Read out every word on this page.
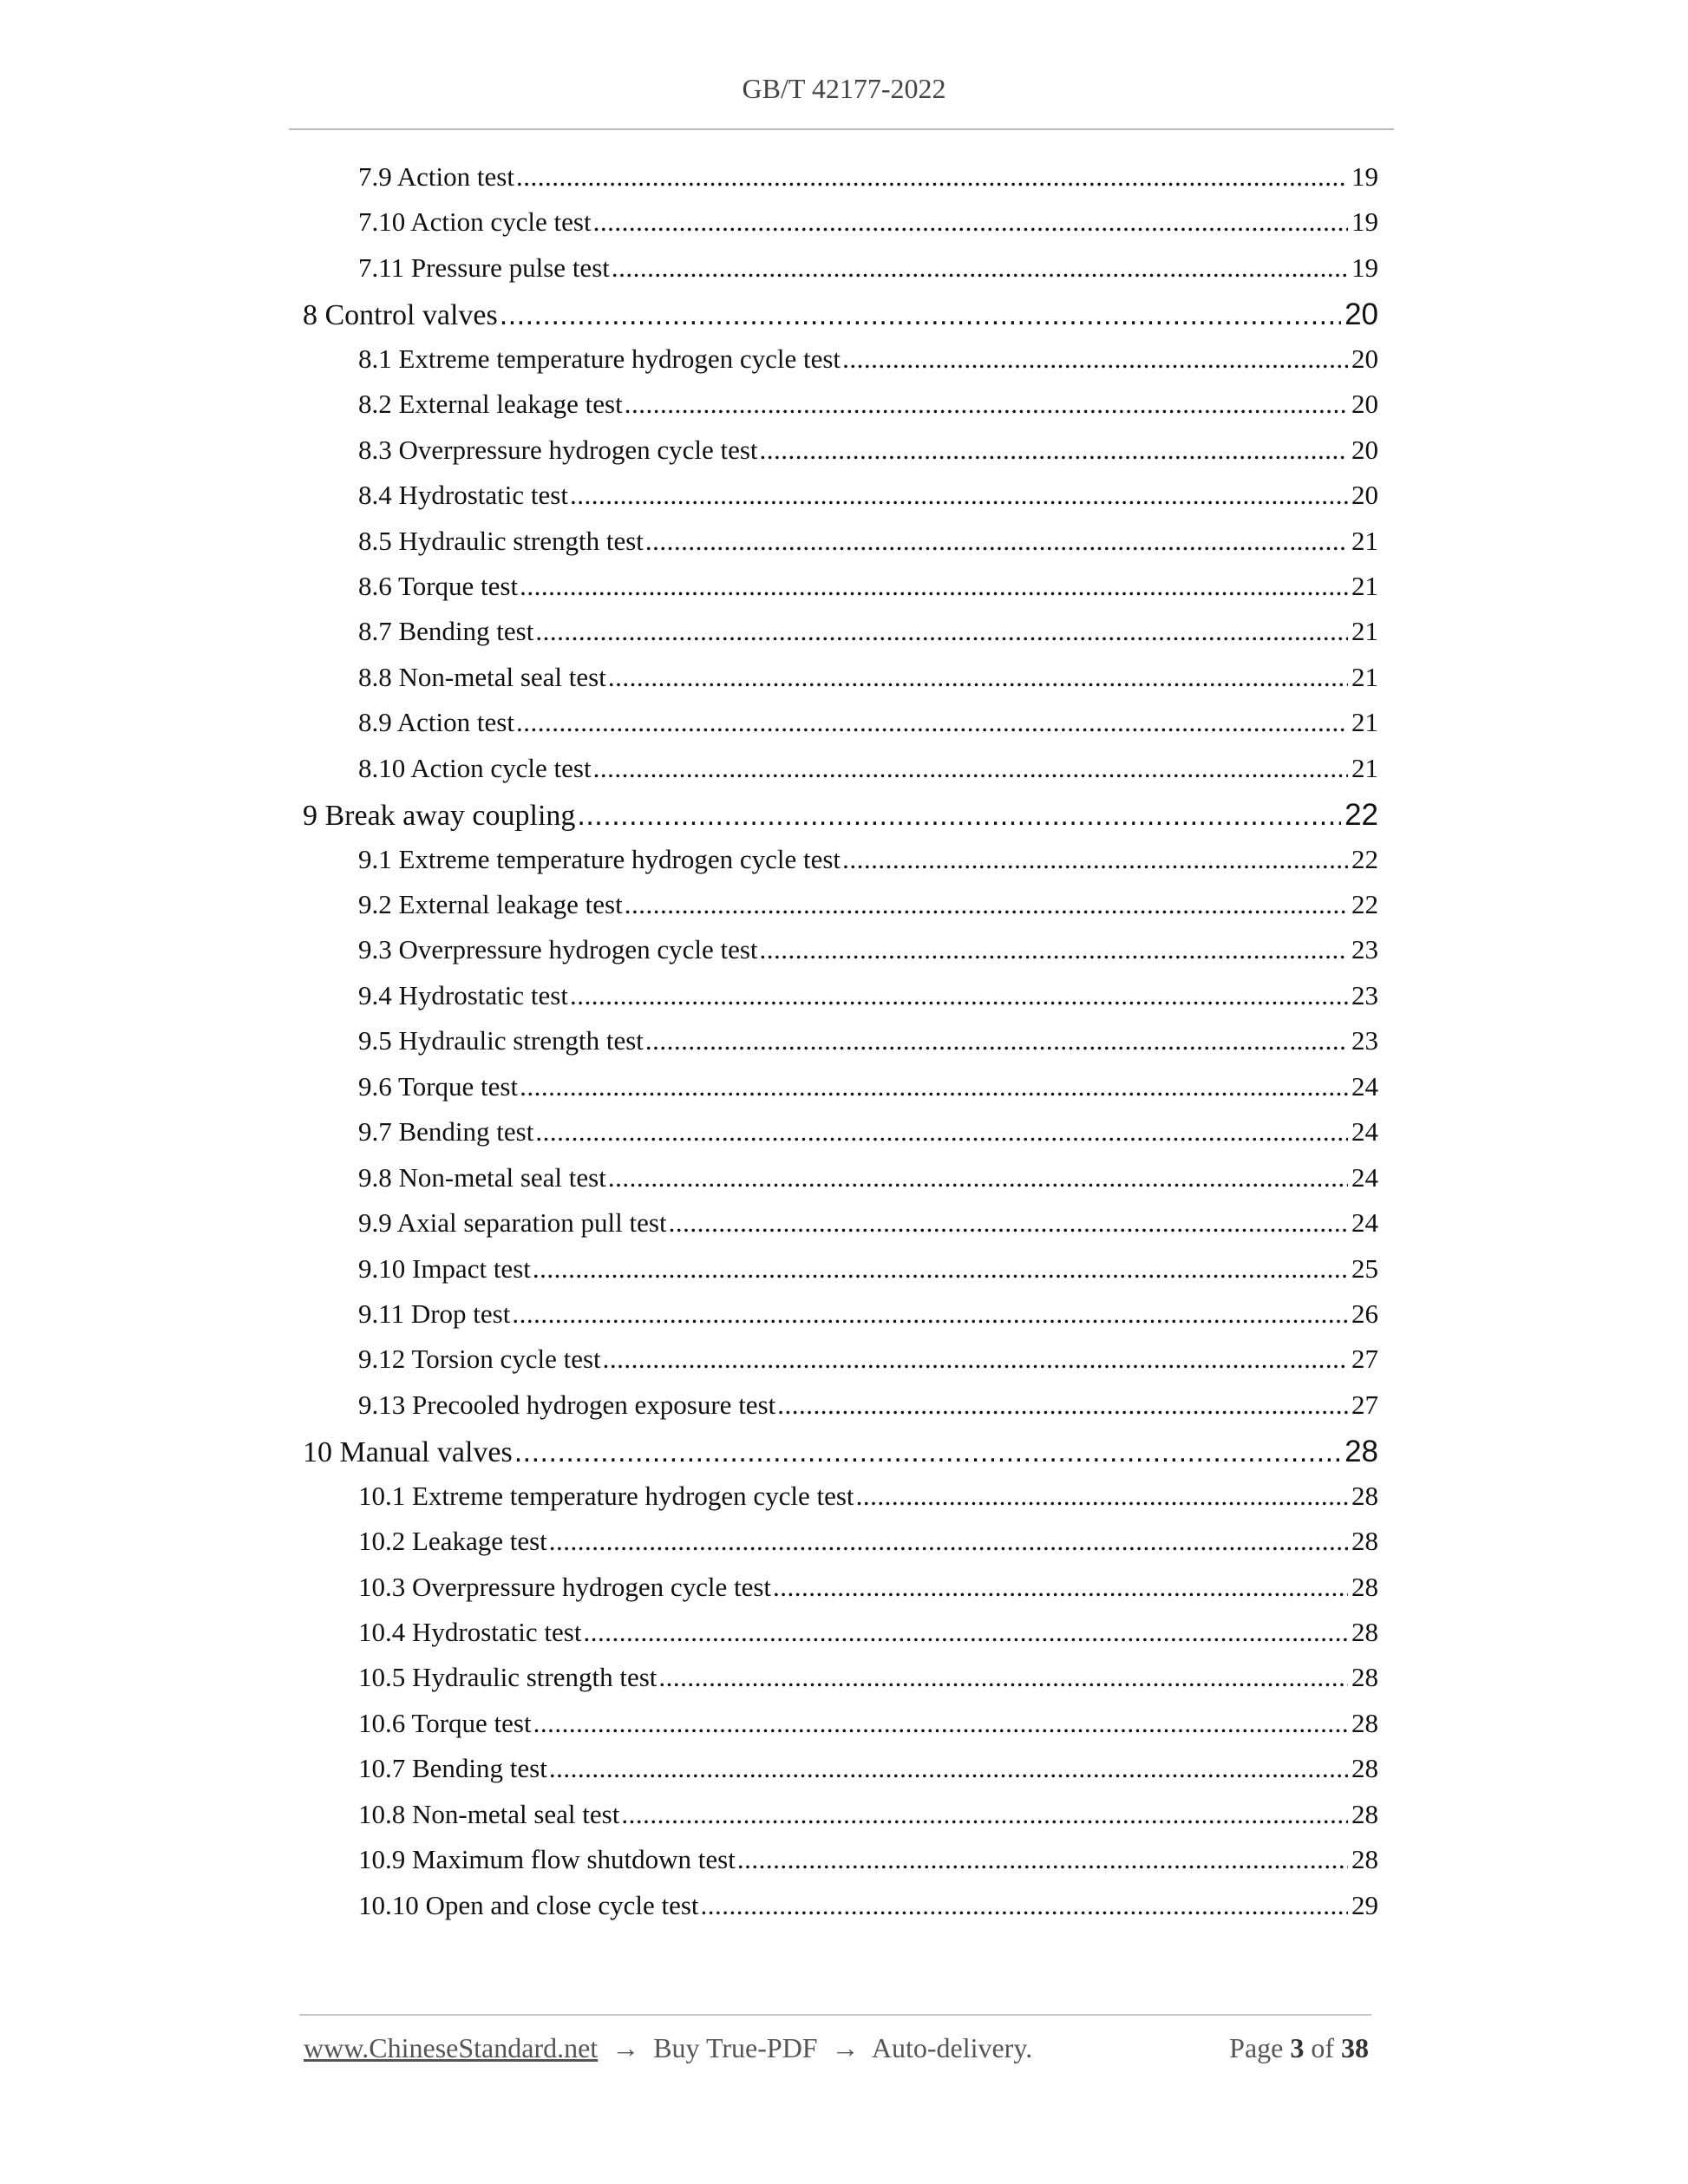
GB/T 42177-2022
7.9 Action test .....	19
7.10 Action cycle test .....	19
7.11 Pressure pulse test .....	19
8 Control valves .....	20
8.1 Extreme temperature hydrogen cycle test .....	20
8.2 External leakage test .....	20
8.3 Overpressure hydrogen cycle test .....	20
8.4 Hydrostatic test .....	20
8.5 Hydraulic strength test .....	21
8.6 Torque test .....	21
8.7 Bending test .....	21
8.8 Non-metal seal test .....	21
8.9 Action test .....	21
8.10 Action cycle test .....	21
9 Break away coupling .....	22
9.1 Extreme temperature hydrogen cycle test .....	22
9.2 External leakage test .....	22
9.3 Overpressure hydrogen cycle test .....	23
9.4 Hydrostatic test .....	23
9.5 Hydraulic strength test .....	23
9.6 Torque test .....	24
9.7 Bending test .....	24
9.8 Non-metal seal test .....	24
9.9 Axial separation pull test .....	24
9.10 Impact test .....	25
9.11 Drop test .....	26
9.12 Torsion cycle test .....	27
9.13 Precooled hydrogen exposure test .....	27
10 Manual valves .....	28
10.1 Extreme temperature hydrogen cycle test .....	28
10.2 Leakage test .....	28
10.3 Overpressure hydrogen cycle test .....	28
10.4 Hydrostatic test .....	28
10.5 Hydraulic strength test .....	28
10.6 Torque test .....	28
10.7 Bending test .....	28
10.8 Non-metal seal test .....	28
10.9 Maximum flow shutdown test .....	28
10.10 Open and close cycle test .....	29
www.ChineseStandard.net → Buy True-PDF → Auto-delivery.	Page 3 of 38
